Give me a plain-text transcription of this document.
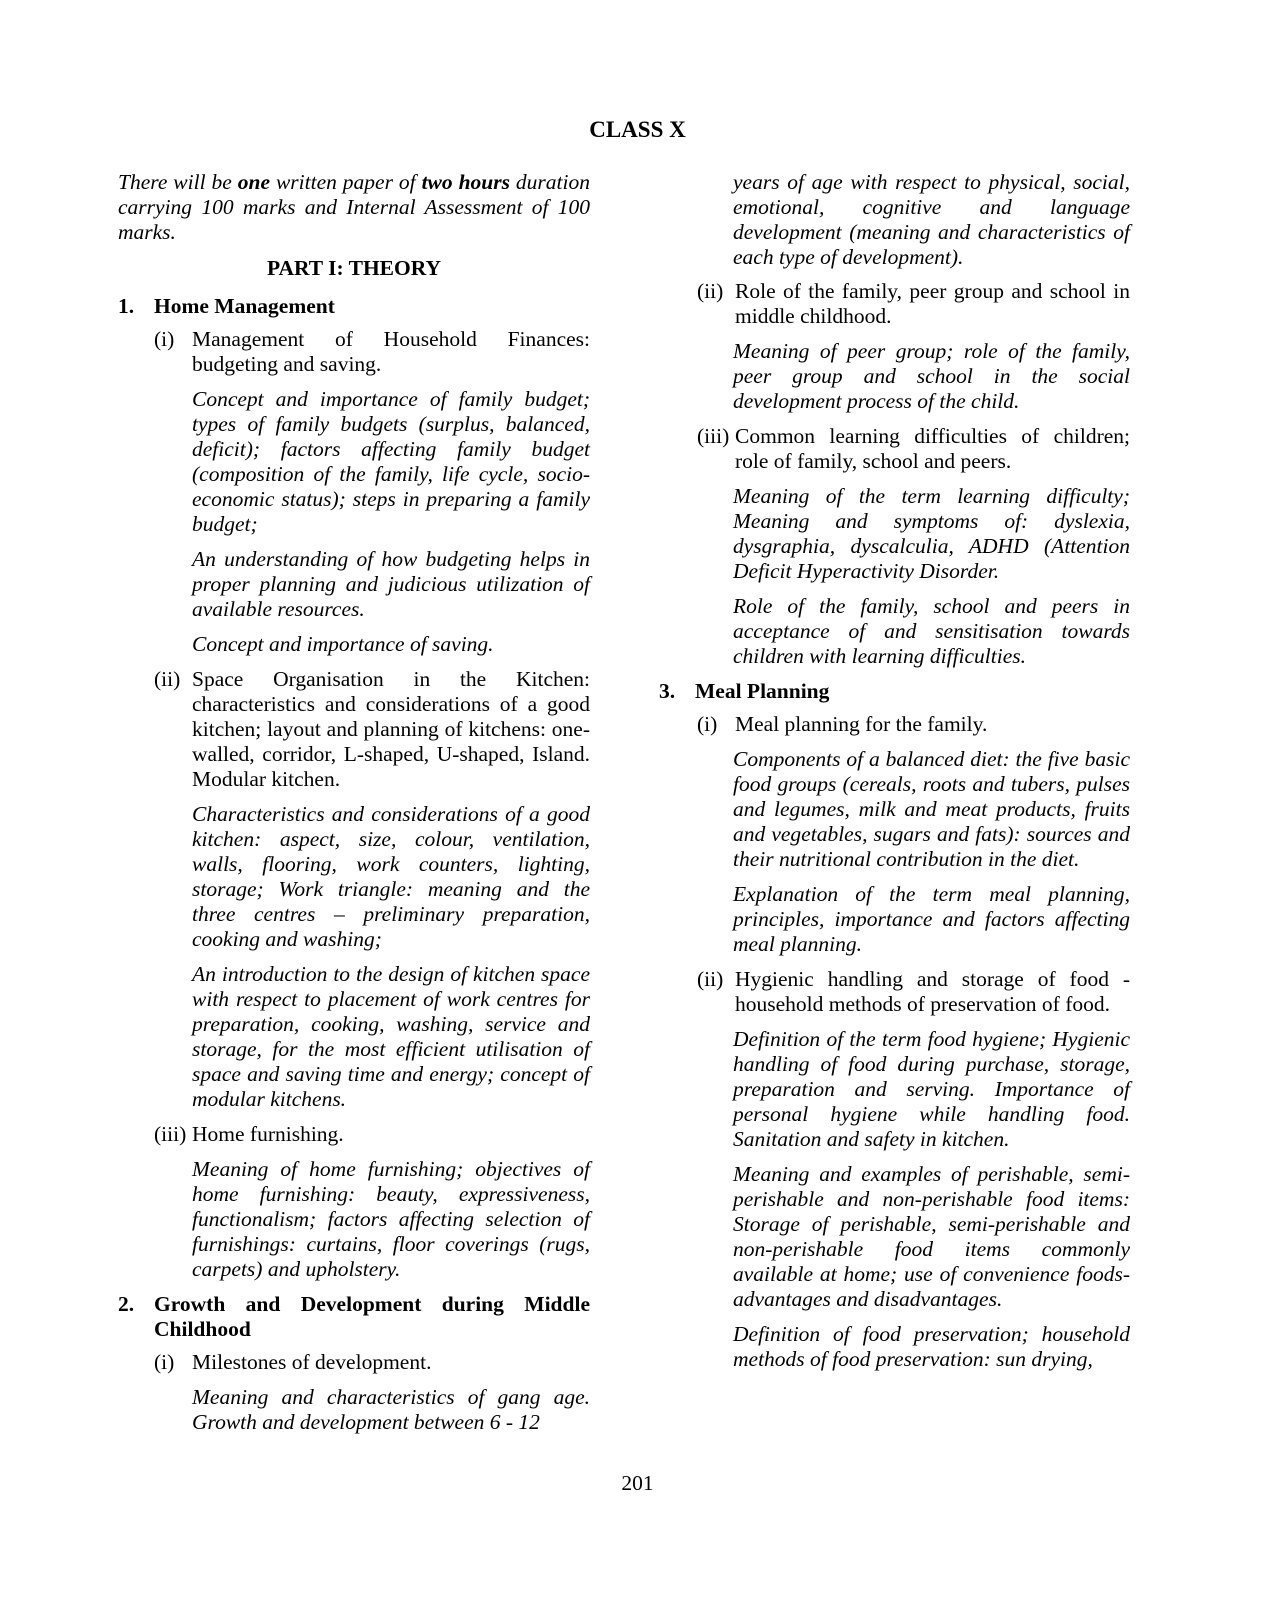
CLASS X

There will be one written paper of two hours duration carrying 100 marks and Internal Assessment of 100 marks.

PART I: THEORY
1. Home Management
(i) Management of Household Finances: budgeting and saving.

Concept and importance of family budget; types of family budgets (surplus, balanced, deficit); factors affecting family budget (composition of the family, life cycle, socio-economic status); steps in preparing a family budget;

An understanding of how budgeting helps in proper planning and judicious utilization of available resources.

Concept and importance of saving.

(ii) Space Organisation in the Kitchen: characteristics and considerations of a good kitchen; layout and planning of kitchens: one-walled, corridor, L-shaped, U-shaped, Island. Modular kitchen.

Characteristics and considerations of a good kitchen: aspect, size, colour, ventilation, walls, flooring, work counters, lighting, storage; Work triangle: meaning and the three centres – preliminary preparation, cooking and washing;

An introduction to the design of kitchen space with respect to placement of work centres for preparation, cooking, washing, service and storage, for the most efficient utilisation of space and saving time and energy; concept of modular kitchens.

(iii) Home furnishing.

Meaning of home furnishing; objectives of home furnishing: beauty, expressiveness, functionalism; factors affecting selection of furnishings: curtains, floor coverings (rugs, carpets) and upholstery.

2. Growth and Development during Middle Childhood
(i) Milestones of development.

Meaning and characteristics of gang age. Growth and development between 6 - 12

years of age with respect to physical, social, emotional, cognitive and language development (meaning and characteristics of each type of development).

(ii) Role of the family, peer group and school in middle childhood.

Meaning of peer group; role of the family, peer group and school in the social development process of the child.

(iii) Common learning difficulties of children; role of family, school and peers.

Meaning of the term learning difficulty; Meaning and symptoms of: dyslexia, dysgraphia, dyscalculia, ADHD (Attention Deficit Hyperactivity Disorder.

Role of the family, school and peers in acceptance of and sensitisation towards children with learning difficulties.

3. Meal Planning
(i) Meal planning for the family.

Components of a balanced diet: the five basic food groups (cereals, roots and tubers, pulses and legumes, milk and meat products, fruits and vegetables, sugars and fats): sources and their nutritional contribution in the diet.

Explanation of the term meal planning, principles, importance and factors affecting meal planning.

(ii) Hygienic handling and storage of food - household methods of preservation of food.

Definition of the term food hygiene; Hygienic handling of food during purchase, storage, preparation and serving. Importance of personal hygiene while handling food. Sanitation and safety in kitchen.

Meaning and examples of perishable, semi-perishable and non-perishable food items: Storage of perishable, semi-perishable and non-perishable food items commonly available at home; use of convenience foods- advantages and disadvantages.

Definition of food preservation; household methods of food preservation: sun drying,

201
